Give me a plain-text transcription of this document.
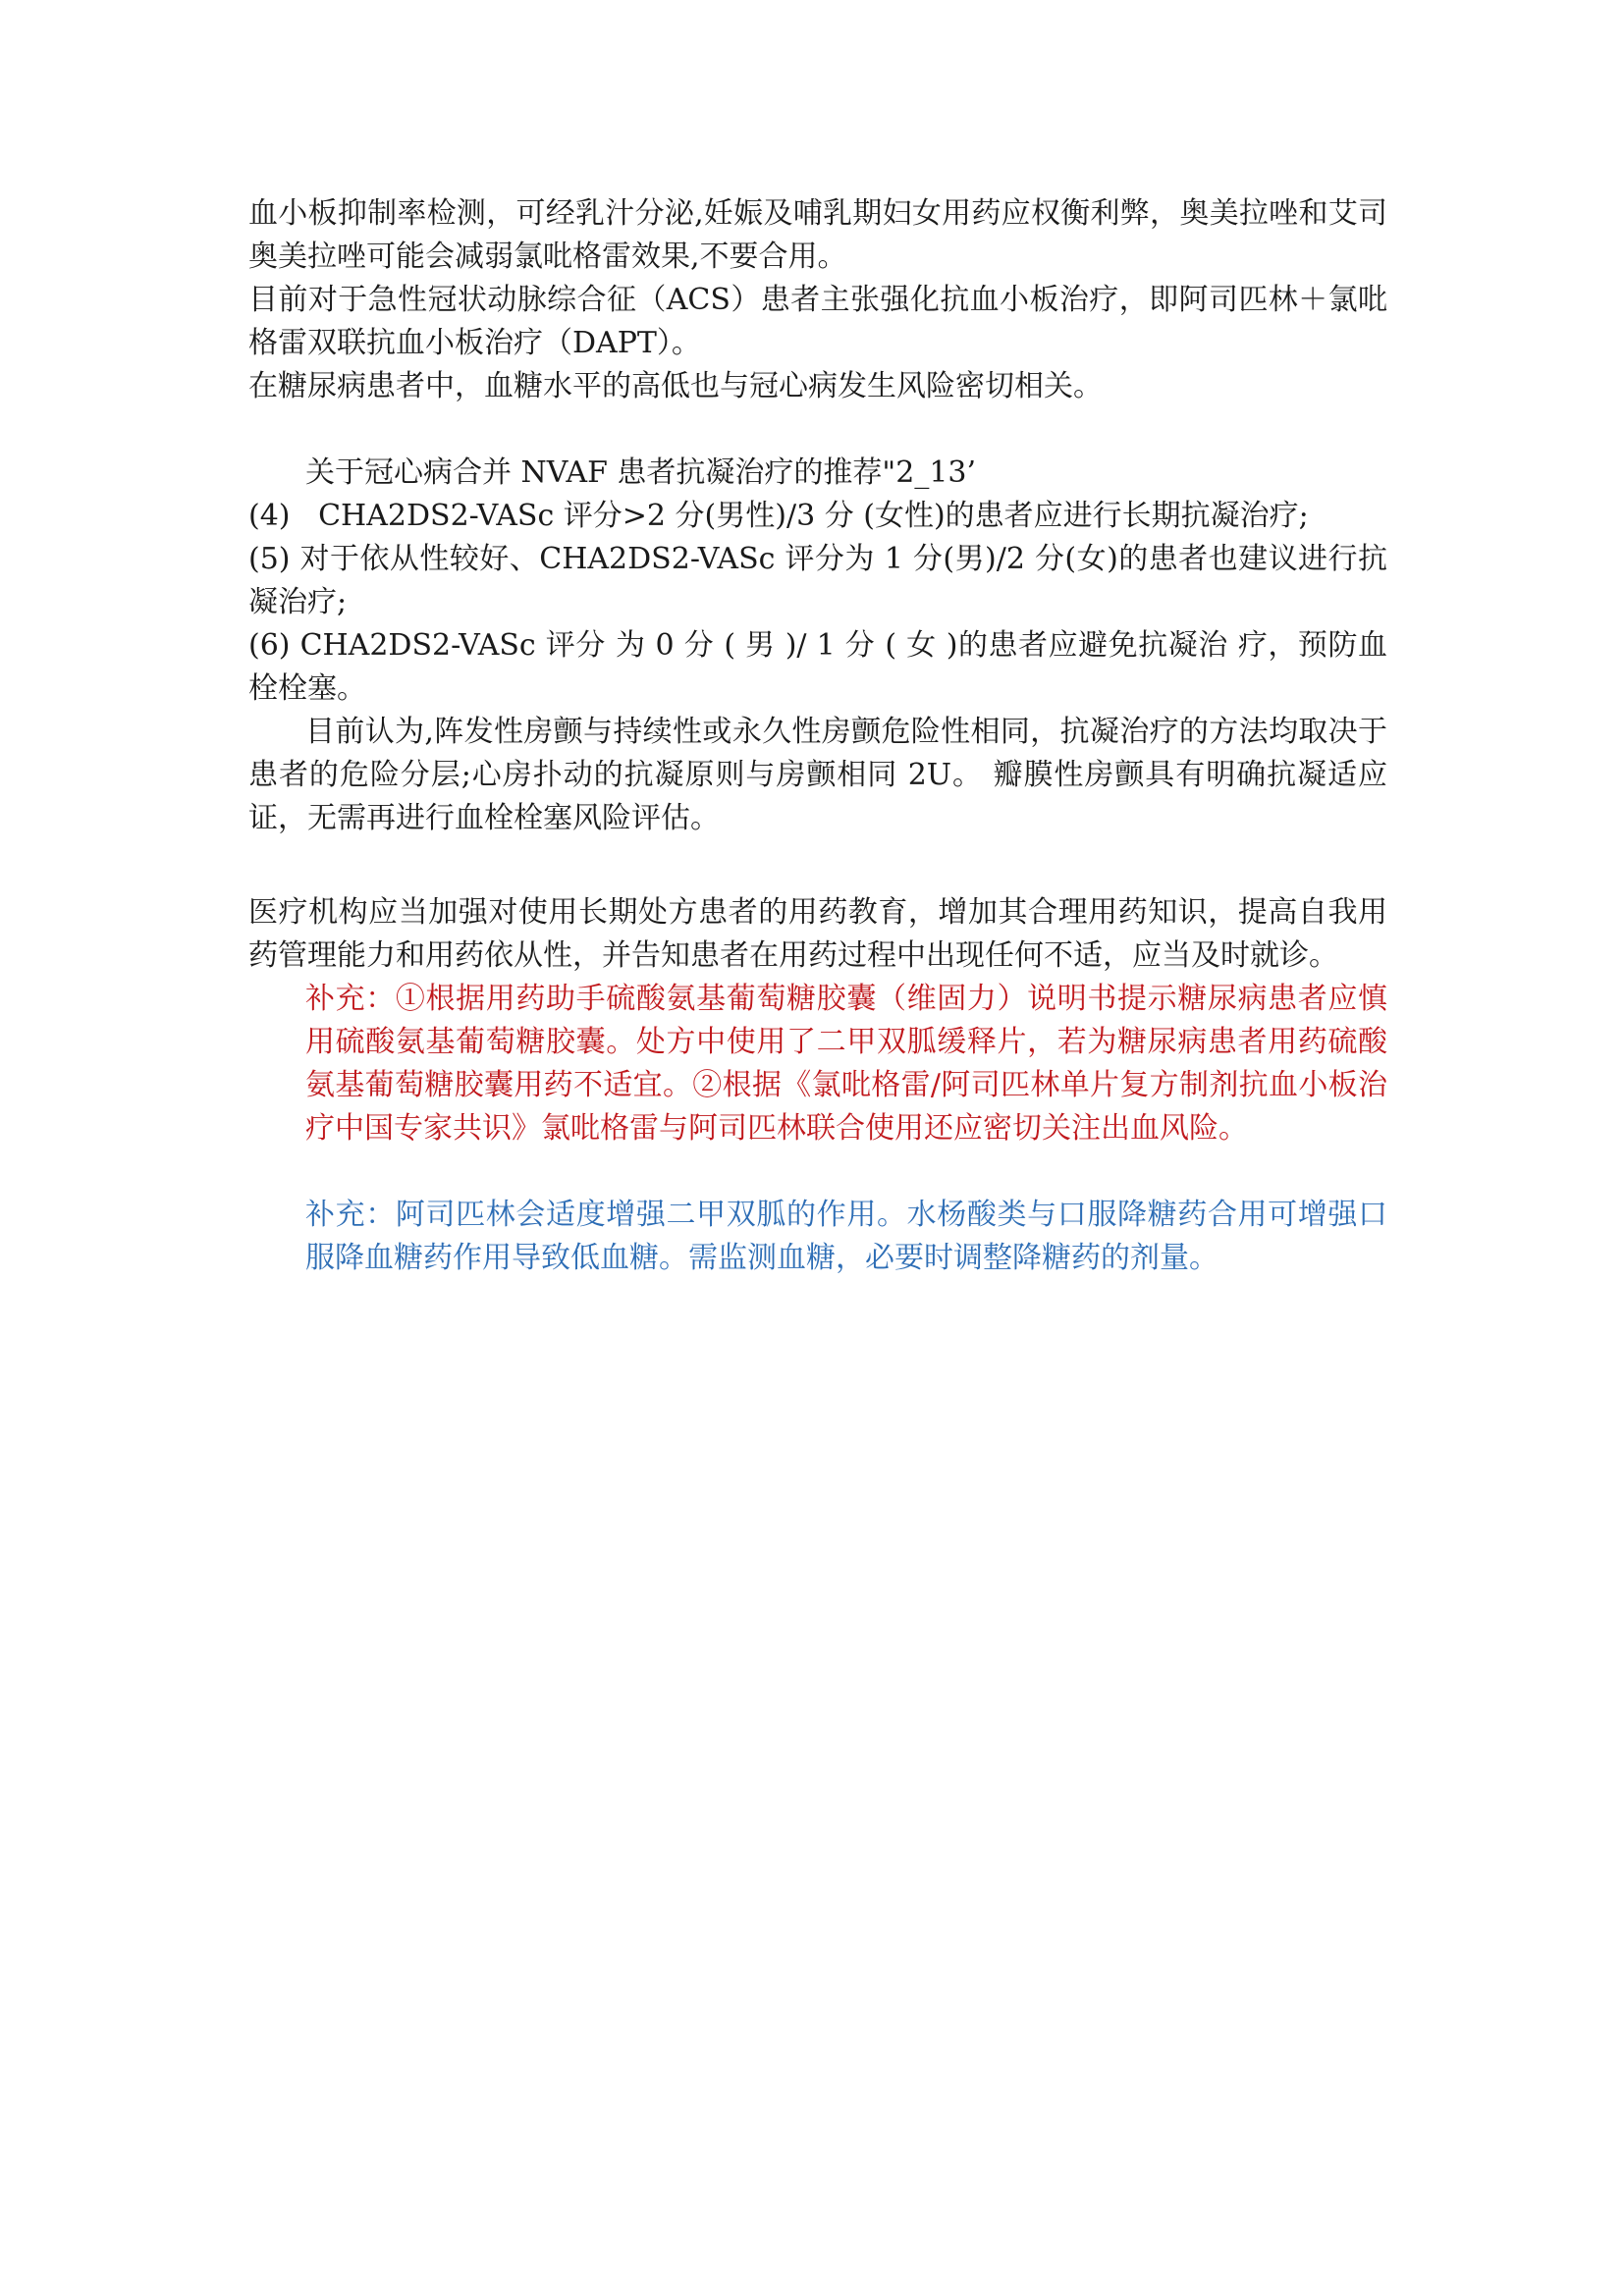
血小板抑制率检测，可经乳汁分泌,妊娠及哺乳期妇女用药应权衡利弊，奥美拉唑和艾司奥美拉唑可能会减弱氯吡格雷效果,不要合用。

目前对于急性冠状动脉综合征（ACS）患者主张强化抗血小板治疗，即阿司匹林＋氯吡格雷双联抗血小板治疗（DAPT）。

在糖尿病患者中，血糖水平的高低也与冠心病发生风险密切相关。

关于冠心病合并 NVAF 患者抗凝治疗的推荐"2_13’

(4)   CHA2DS2-VASc 评分>2 分(男性)/3 分 (女性)的患者应进行长期抗凝治疗;

(5) 对于依从性较好、CHA2DS2-VASc 评分为 1 分(男)/2 分(女)的患者也建议进行抗凝治疗;

(6) CHA2DS2-VASc 评分 为 0 分 ( 男 )/ 1 分 ( 女 )的患者应避免抗凝治 疗，预防血栓栓塞。

目前认为,阵发性房颤与持续性或永久性房颤危险性相同，抗凝治疗的方法均取决于患者的危险分层;心房扑动的抗凝原则与房颤相同 2U。 瓣膜性房颤具有明确抗凝适应证，无需再进行血栓栓塞风险评估。

医疗机构应当加强对使用长期处方患者的用药教育，增加其合理用药知识，提高自我用药管理能力和用药依从性，并告知患者在用药过程中出现任何不适，应当及时就诊。

补充：①根据用药助手硫酸氨基葡萄糖胶囊（维固力）说明书提示糖尿病患者应慎用硫酸氨基葡萄糖胶囊。处方中使用了二甲双胍缓释片，若为糖尿病患者用药硫酸氨基葡萄糖胶囊用药不适宜。②根据《氯吡格雷/阿司匹林单片复方制剂抗血小板治疗中国专家共识》氯吡格雷与阿司匹林联合使用还应密切关注出血风险。

补充：阿司匹林会适度增强二甲双胍的作用。水杨酸类与口服降糖药合用可增强口服降血糖药作用导致低血糖。需监测血糖，必要时调整降糖药的剂量。
